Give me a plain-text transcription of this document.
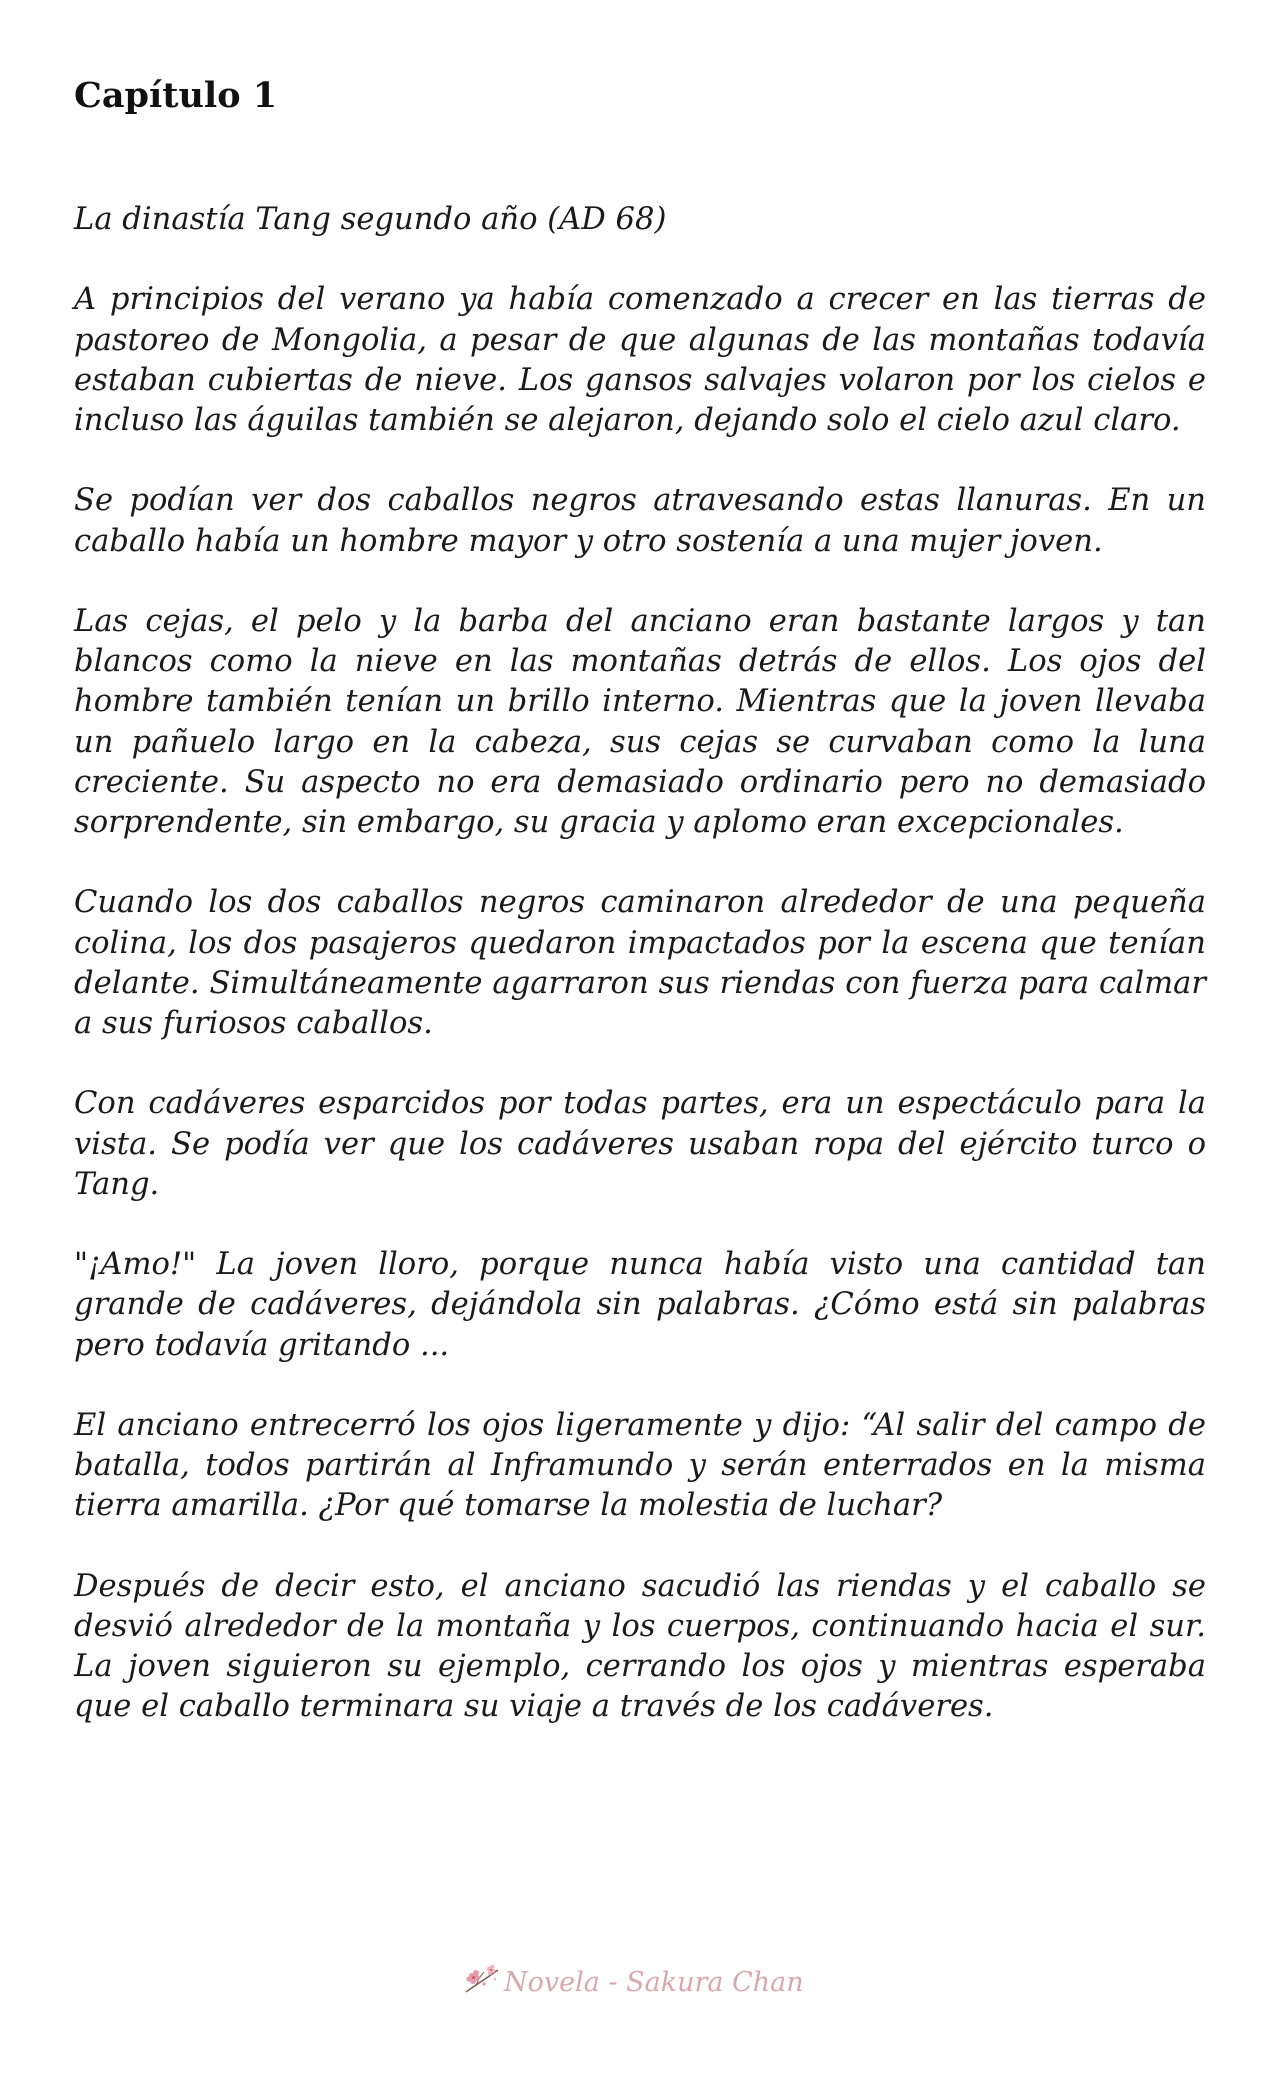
Capítulo 1

La dinastía Tang segundo año (AD 68)

A principios del verano ya había comenzado a crecer en las tierras de pastoreo de Mongolia, a pesar de que algunas de las montañas todavía estaban cubiertas de nieve. Los gansos salvajes volaron por los cielos e incluso las águilas también se alejaron, dejando solo el cielo azul claro.

Se podían ver dos caballos negros atravesando estas llanuras. En un caballo había un hombre mayor y otro sostenía a una mujer joven.

Las cejas, el pelo y la barba del anciano eran bastante largos y tan blancos como la nieve en las montañas detrás de ellos. Los ojos del hombre también tenían un brillo interno. Mientras que la joven llevaba un pañuelo largo en la cabeza, sus cejas se curvaban como la luna creciente. Su aspecto no era demasiado ordinario pero no demasiado sorprendente, sin embargo, su gracia y aplomo eran excepcionales.

Cuando los dos caballos negros caminaron alrededor de una pequeña colina, los dos pasajeros quedaron impactados por la escena que tenían delante. Simultáneamente agarraron sus riendas con fuerza para calmar a sus furiosos caballos.

Con cadáveres esparcidos por todas partes, era un espectáculo para la vista. Se podía ver que los cadáveres usaban ropa del ejército turco o Tang.

"¡Amo!" La joven lloro, porque nunca había visto una cantidad tan grande de cadáveres, dejándola sin palabras. ¿Cómo está sin palabras pero todavía gritando ...

El anciano entrecerró los ojos ligeramente y dijo: “Al salir del campo de batalla, todos partirán al Inframundo y serán enterrados en la misma tierra amarilla. ¿Por qué tomarse la molestia de luchar?

Después de decir esto, el anciano sacudió las riendas y el caballo se desvió alrededor de la montaña y los cuerpos, continuando hacia el sur. La joven siguieron su ejemplo, cerrando los ojos y mientras esperaba que el caballo terminara su viaje a través de los cadáveres.

Novela - Sakura Chan
